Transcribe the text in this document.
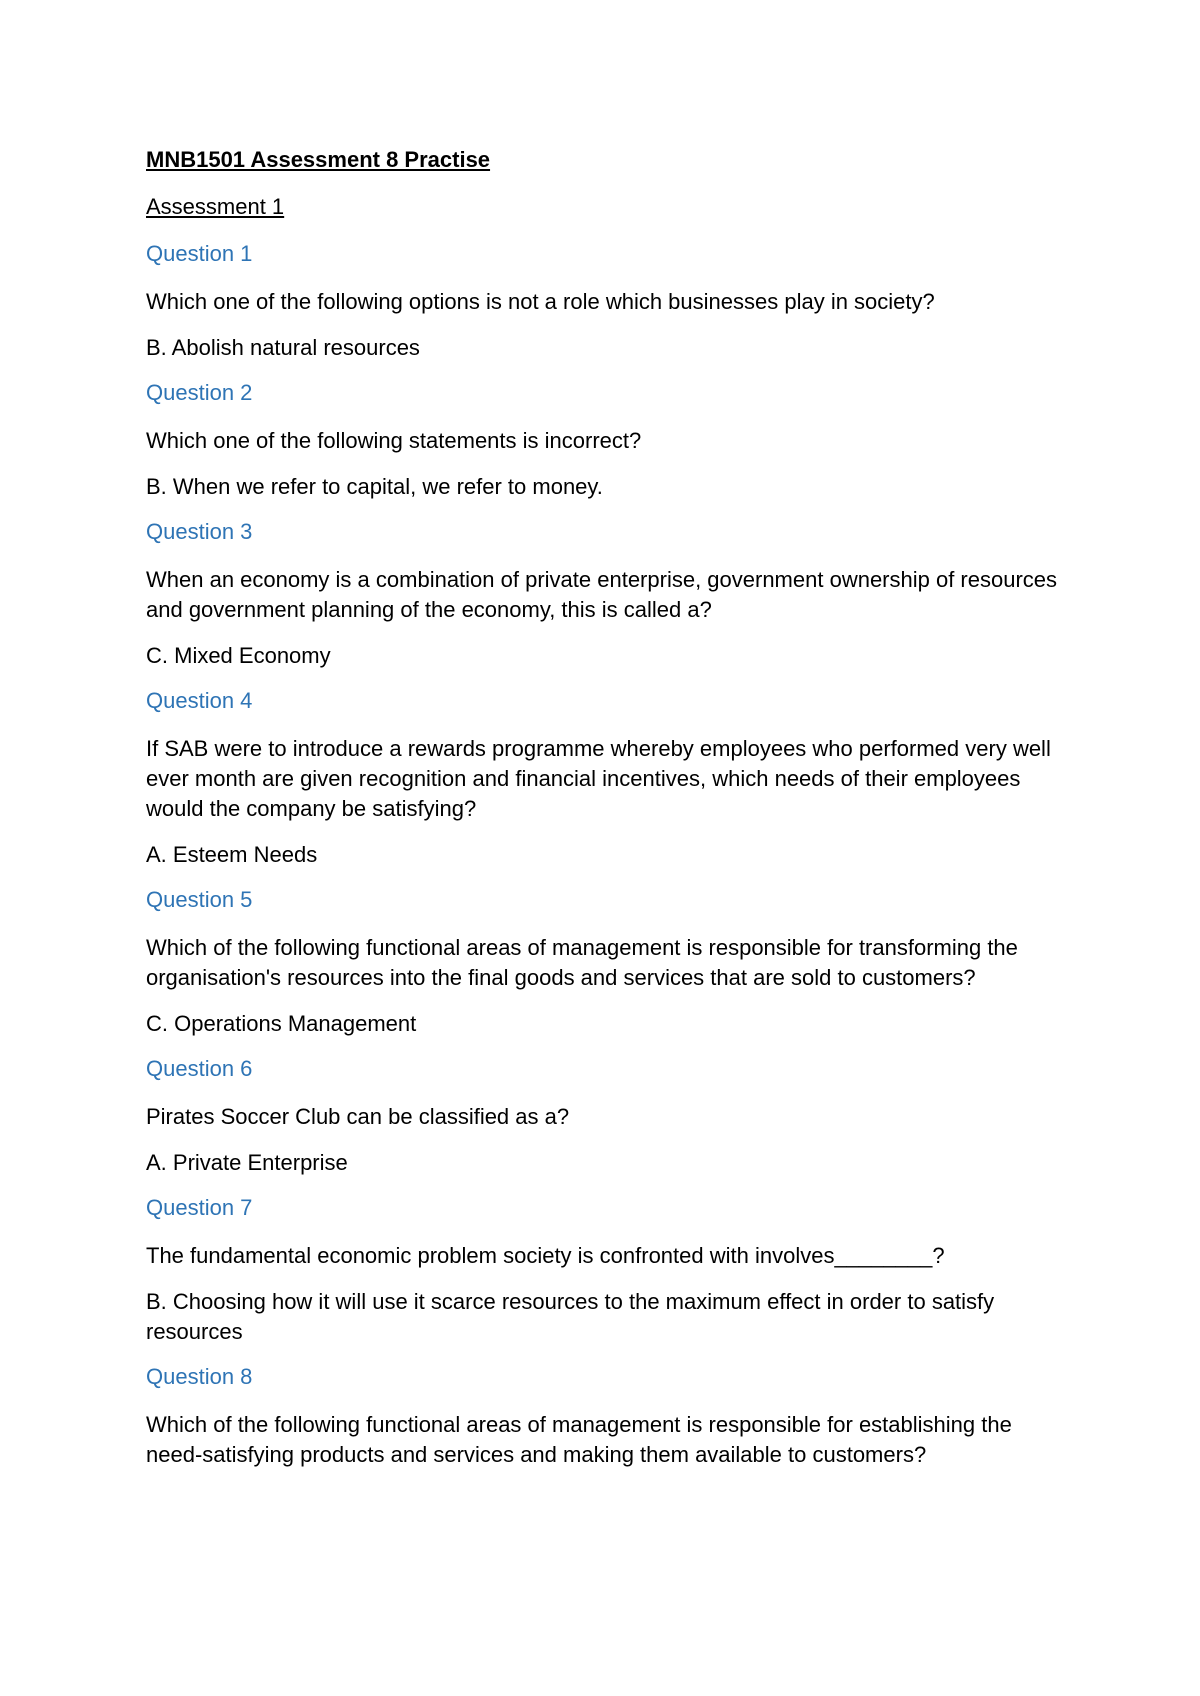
MNB1501 Assessment 8 Practise

Assessment 1

Question 1

Which one of the following options is not a role which businesses play in society?

B. Abolish natural resources

Question 2

Which one of the following statements is incorrect?

B. When we refer to capital, we refer to money.

Question 3

When an economy is a combination of private enterprise, government ownership of resources and government planning of the economy, this is called a?

C. Mixed Economy

Question 4

If SAB were to introduce a rewards programme whereby employees who performed very well ever month are given recognition and financial incentives, which needs of their employees would the company be satisfying?

A. Esteem Needs

Question 5

Which of the following functional areas of management is responsible for transforming the organisation's resources into the final goods and services that are sold to customers?

C. Operations Management

Question 6

Pirates Soccer Club can be classified as a?

A. Private Enterprise

Question 7

The fundamental economic problem society is confronted with involves________?

B. Choosing how it will use it scarce resources to the maximum effect in order to satisfy resources

Question 8

Which of the following functional areas of management is responsible for establishing the need-satisfying products and services and making them available to customers?
